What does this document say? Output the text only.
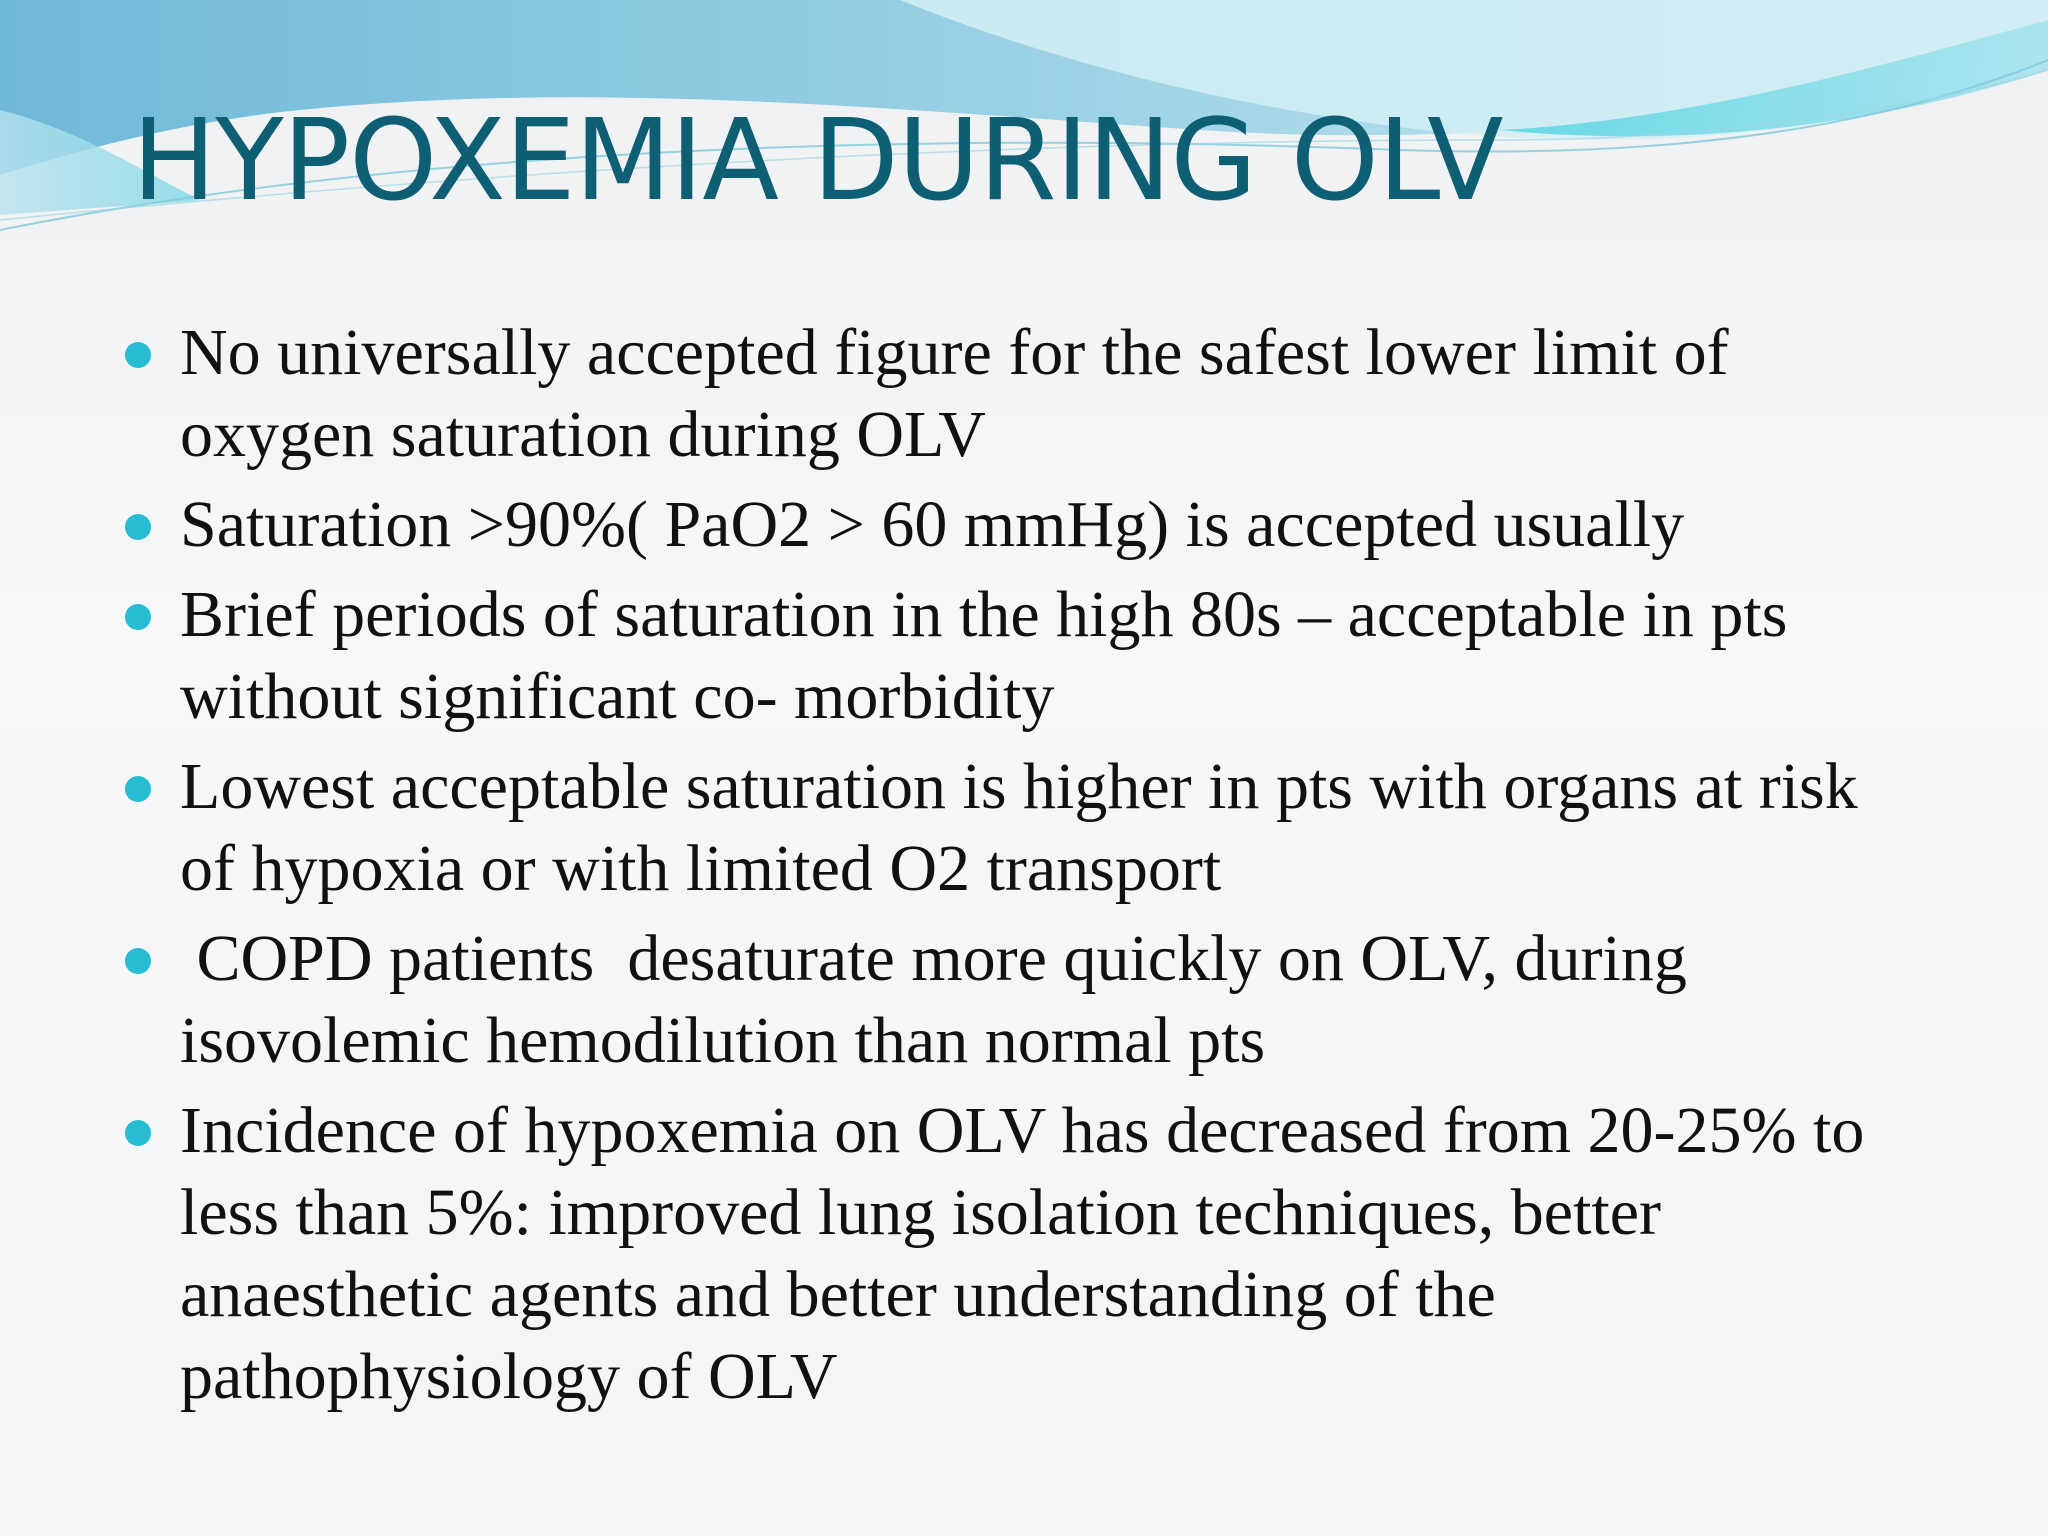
HYPOXEMIA DURING OLV
No universally accepted figure for the safest lower limit of oxygen saturation during OLV
Saturation >90%( PaO2 > 60 mmHg) is accepted usually
Brief periods of saturation in the high 80s – acceptable in pts without significant co- morbidity
Lowest acceptable saturation is higher in pts with organs at risk of hypoxia or with limited O2 transport
COPD patients  desaturate more quickly on OLV, during isovolemic hemodilution than normal pts
Incidence of hypoxemia on OLV has decreased from 20-25% to less than 5%: improved lung isolation techniques, better anaesthetic agents and better understanding of the pathophysiology of OLV
